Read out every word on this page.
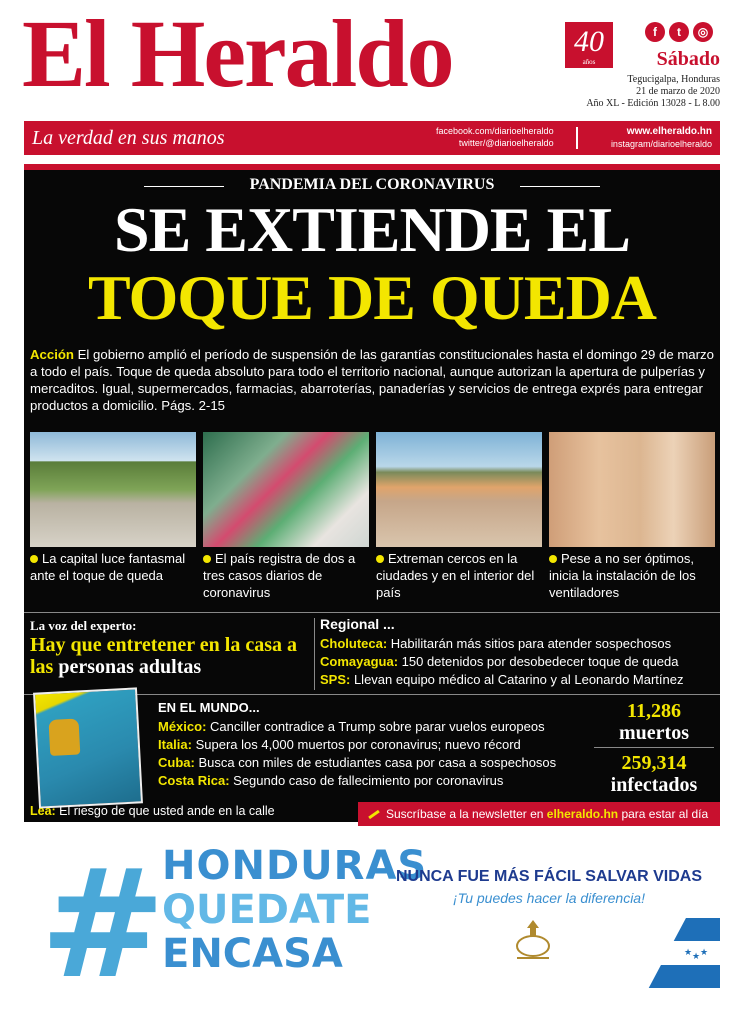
El Heraldo	40
años
f	t	◎
Sábado
Tegucigalpa, Honduras
21 de marzo de 2020
Año XL - Edición 13028 - L 8.00
La verdad en sus manos	facebook.com/diarioelheraldo
twitter/@diarioelheraldo
www.elheraldo.hn
instagram/diarioelheraldo
PANDEMIA DEL CORONAVIRUS
SE EXTIENDE EL
TOQUE DE QUEDA
Acción El gobierno amplió el período de suspensión de las garantías constitucionales hasta el domingo 29 de marzo a todo el país. Toque de queda absoluto para todo el territorio nacional, aunque autorizan la apertura de pulperías y mercaditos. Igual, supermercados, farmacias, abarroterías, panaderías y servicios de entrega exprés para entregar productos a domicilio. Págs. 2-15
La capital luce fantasmal ante el toque de queda
El país registra de dos a tres casos diarios de coronavirus
Extreman cercos en la ciudades y en el interior del país
Pese a no ser óptimos, inicia la instalación de los ventiladores
La voz del experto:
Hay que entretener en la casa a las personas adultas
Regional ...
Choluteca: Habilitarán más sitios para atender sospechosos
Comayagua: 150 detenidos por desobedecer toque de queda
SPS: Llevan equipo médico al Catarino y al Leonardo Martínez
EN EL MUNDO...
México: Canciller contradice a Trump sobre parar vuelos europeos
Italia: Supera los 4,000 muertos por coronavirus; nuevo récord
Cuba: Busca con miles de estudiantes casa por casa a sospechosos
Costa Rica: Segundo caso de fallecimiento por coronavirus
11,286
muertos
259,314
infectados
Lea: El riesgo de que usted ande en la calle	Suscríbase a la newsletter en elheraldo.hn para estar al día
#
HONDURAS
QUEDATE
ENCASA
NUNCA FUE MÁS FÁCIL SALVAR VIDAS
¡Tu puedes hacer la diferencia!
★ ★
★
